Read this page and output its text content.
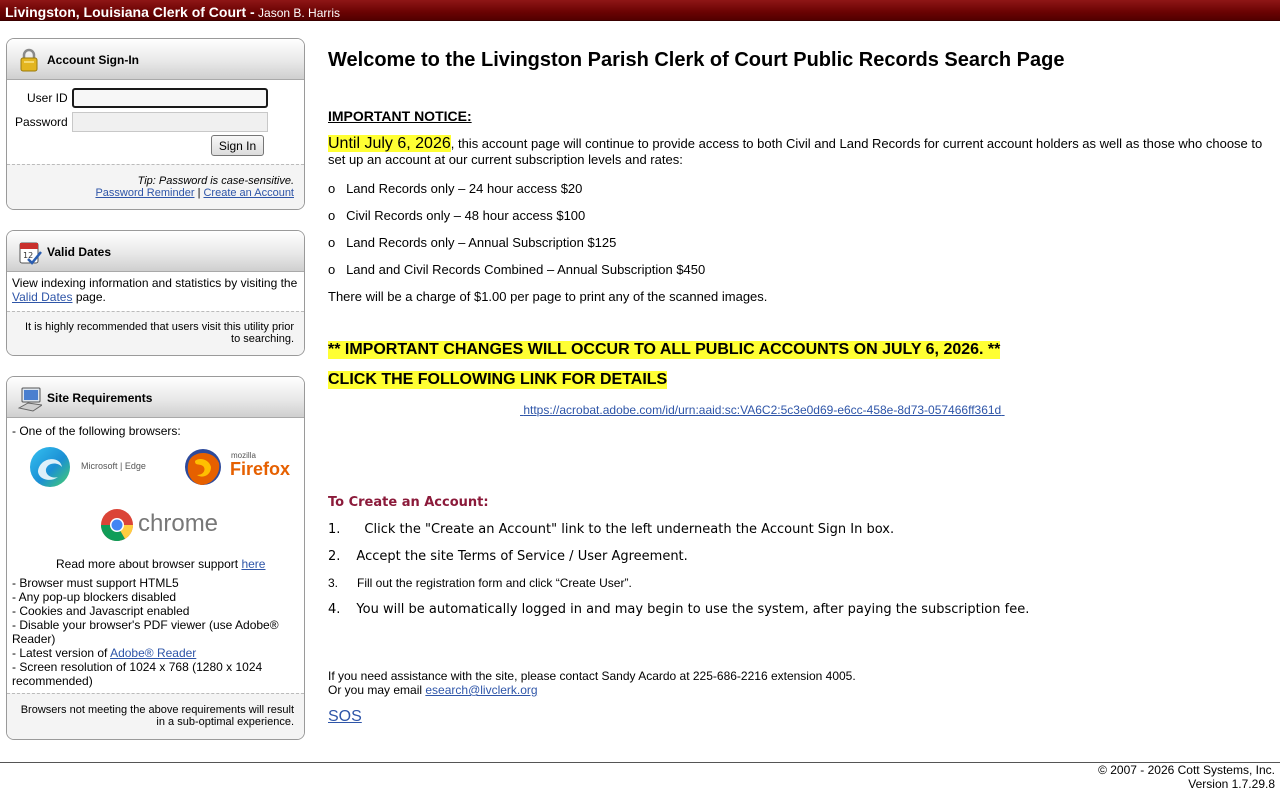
Livingston, Louisiana Clerk of Court - Jason B. Harris
Account Sign-In
User ID
Password
Sign In
Tip: Password is case-sensitive.
Password Reminder | Create an Account
12 Valid Dates
View indexing information and statistics by visiting the Valid Dates page.
It is highly recommended that users visit this utility prior to searching.
Site Requirements
- One of the following browsers:
Microsoft | Edge
mozilla
Firefox
chrome
Read more about browser support here
- Browser must support HTML5
- Any pop-up blockers disabled
- Cookies and Javascript enabled
- Disable your browser's PDF viewer (use Adobe® Reader)
- Latest version of Adobe® Reader
- Screen resolution of 1024 x 768 (1280 x 1024 recommended)
Browsers not meeting the above requirements will result in a sub-optimal experience.
Welcome to the Livingston Parish Clerk of Court Public Records Search Page
IMPORTANT NOTICE:
Until July 6, 2026, this account page will continue to provide access to both Civil and Land Records for current account holders as well as those who choose to set up an account at our current subscription levels and rates:
o Land Records only – 24 hour access $20
o Civil Records only – 48 hour access $100
o Land Records only – Annual Subscription $125
o Land and Civil Records Combined – Annual Subscription $450
There will be a charge of $1.00 per page to print any of the scanned images.
** IMPORTANT CHANGES WILL OCCUR TO ALL PUBLIC ACCOUNTS ON JULY 6, 2026. **
CLICK THE FOLLOWING LINK FOR DETAILS
https://acrobat.adobe.com/id/urn:aaid:sc:VA6C2:5c3e0d69-e6cc-458e-8d73-057466ff361d
To Create an Account:
1. Click the "Create an Account" link to the left underneath the Account Sign In box.
2. Accept the site Terms of Service / User Agreement.
3. Fill out the registration form and click “Create User”.
4. You will be automatically logged in and may begin to use the system, after paying the subscription fee.
If you need assistance with the site, please contact Sandy Acardo at 225-686-2216 extension 4005.
Or you may email esearch@livclerk.org
SOS
© 2007 - 2026 Cott Systems, Inc.
Version 1.7.29.8
